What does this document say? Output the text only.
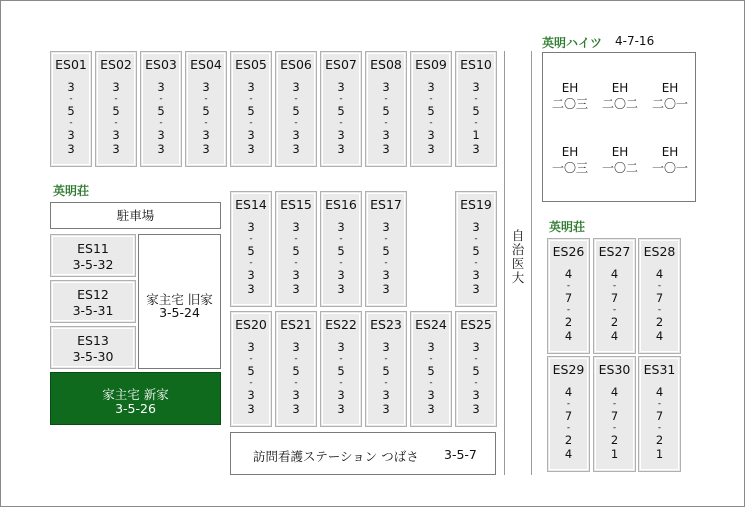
英明荘
駐車場
ES11
3-5-32
ES12
3-5-31
ES13
3-5-30
家主宅 旧家
3-5-24
家主宅 新家
3-5-26
訪問看護ステーション つばさ 3-5-7
自
治
医
大
英明ハイツ 4-7-16
EH
二〇三
EH
二〇二
EH
二〇一
EH
一〇三
EH
一〇二
EH
一〇一
英明荘
ES01
3
-
5
-
3
3
ES02
3
-
5
-
3
3
ES03
3
-
5
-
3
3
ES04
3
-
5
-
3
3
ES05
3
-
5
-
3
3
ES06
3
-
5
-
3
3
ES07
3
-
5
-
3
3
ES08
3
-
5
-
3
3
ES09
3
-
5
-
3
3
ES10
3
-
5
-
1
3
ES14
3
-
5
-
3
3
ES15
3
-
5
-
3
3
ES16
3
-
5
-
3
3
ES17
3
-
5
-
3
3
ES19
3
-
5
-
3
3
ES20
3
-
5
-
3
3
ES21
3
-
5
-
3
3
ES22
3
-
5
-
3
3
ES23
3
-
5
-
3
3
ES24
3
-
5
-
3
3
ES25
3
-
5
-
3
3
ES26
4
-
7
-
2
4
ES27
4
-
7
-
2
4
ES28
4
-
7
-
2
4
ES29
4
-
7
-
2
4
ES30
4
-
7
-
2
1
ES31
4
-
7
-
2
1
